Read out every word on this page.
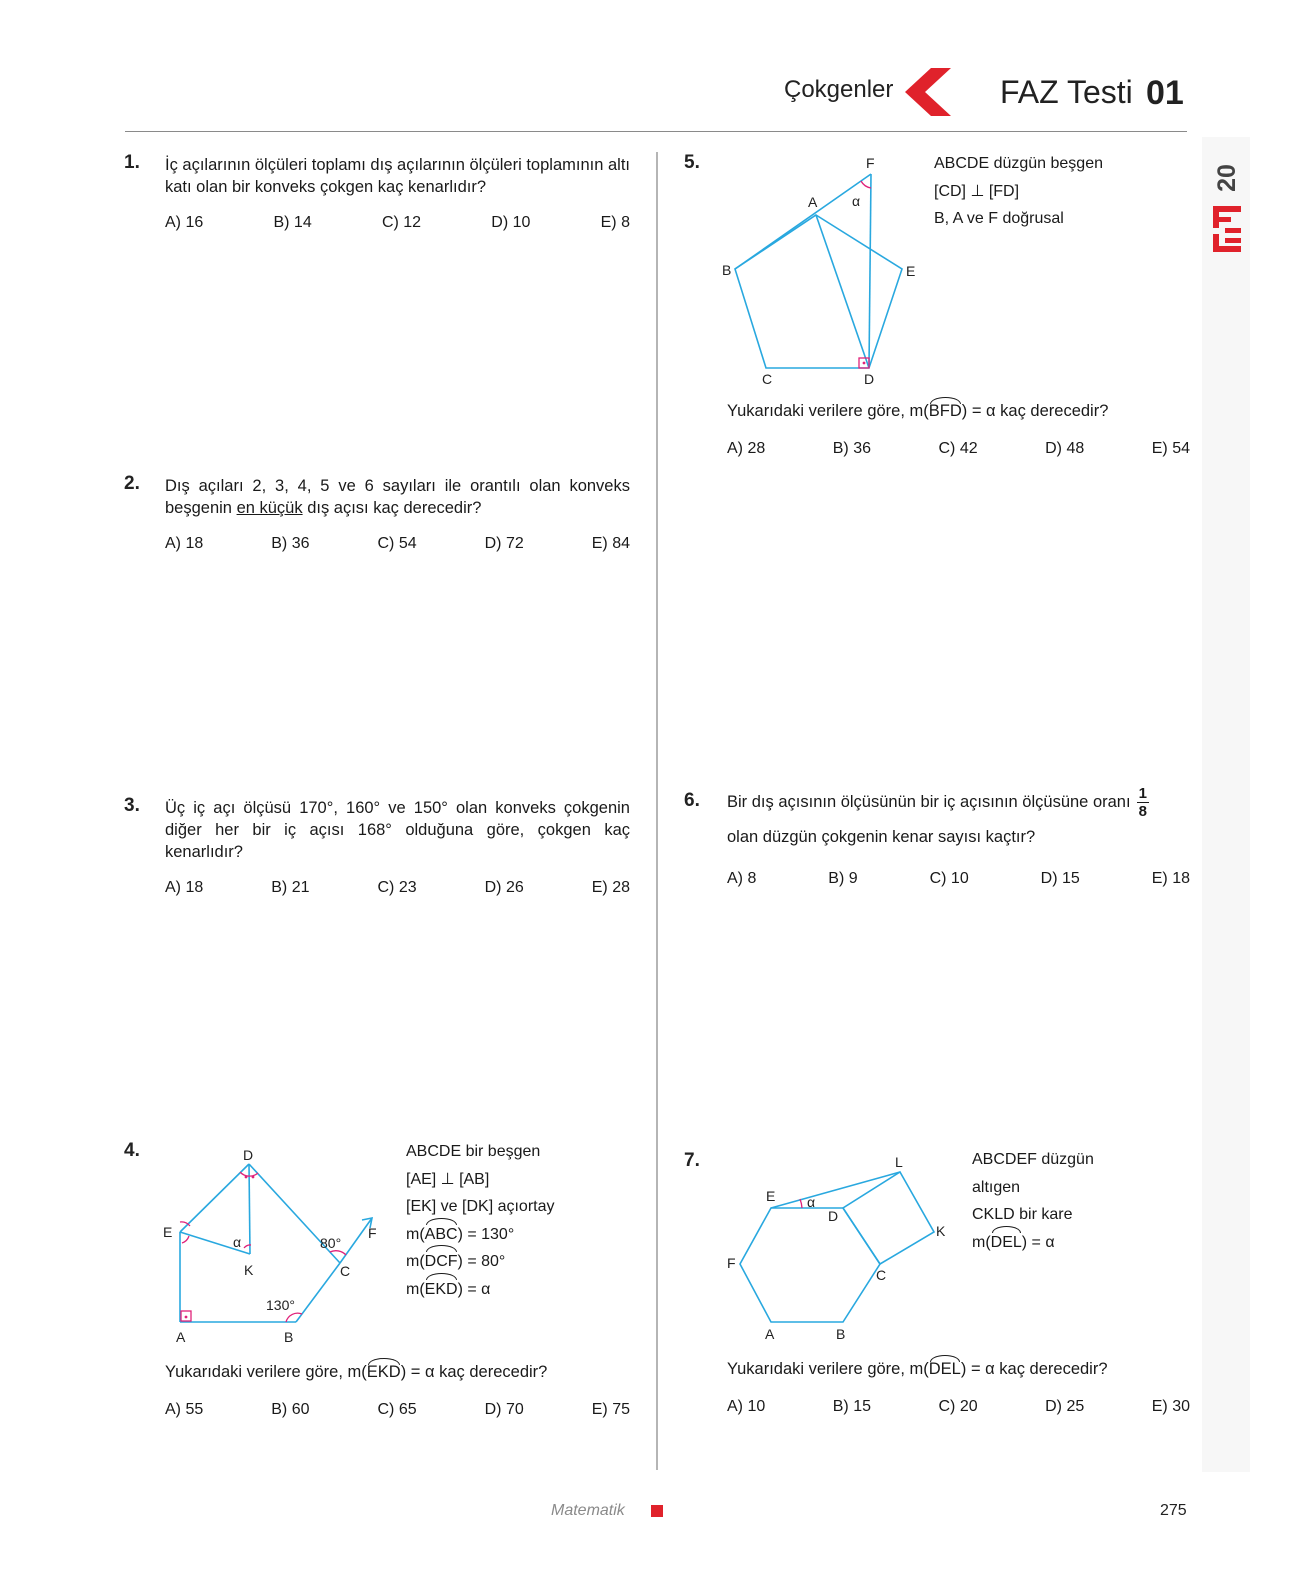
Çokgenler	FAZ Testi 01
20
1. İç açılarının ölçüleri toplamı dış açılarının ölçüleri toplamının altı katı olan bir konveks çokgen kaç kenarlıdır?
A) 16	B) 14	C) 12	D) 10	E) 8
2. Dış açıları 2, 3, 4, 5 ve 6 sayıları ile orantılı olan konveks beşgenin en küçük dış açısı kaç derecedir?
A) 18	B) 36	C) 54	D) 72	E) 84
3. Üç iç açı ölçüsü 170°, 160° ve 150° olan konveks çokgenin diğer her bir iç açısı 168° olduğuna göre, çokgen kaç kenarlıdır?
A) 18	B) 21	C) 23	D) 26	E) 28
4.	D
E
A	B
C
F
K
80°
130°
α
ABCDE bir beşgen
[AE] ⊥ [AB]
[EK] ve [DK] açıortay
m(ABC) = 130°
m(DCF) = 80°
m(EKD) = α
Yukarıdaki verilere göre, m(EKD) = α kaç derecedir?
A) 55	B) 60	C) 65	D) 70	E) 75
5.	F
A
B	E
C	D
α
ABCDE düzgün beşgen
[CD] ⊥ [FD]
B, A ve F doğrusal
Yukarıdaki verilere göre, m(BFD) = α kaç derecedir?
A) 28	B) 36	C) 42	D) 48	E) 54
6. Bir dış açısının ölçüsünün bir iç açısının ölçüsüne oranı $\frac{1}{8}$
olan düzgün çokgenin kenar sayısı kaçtır?
A) 8	B) 9	C) 10	D) 15	E) 18
7.	L
E
D
K
F
C
A	B
α
ABCDEF düzgün
altıgen
CKLD bir kare
m(DEL) = α
Yukarıdaki verilere göre, m(DEL) = α kaç derecedir?
A) 10	B) 15	C) 20	D) 25	E) 30
Matematik	275
